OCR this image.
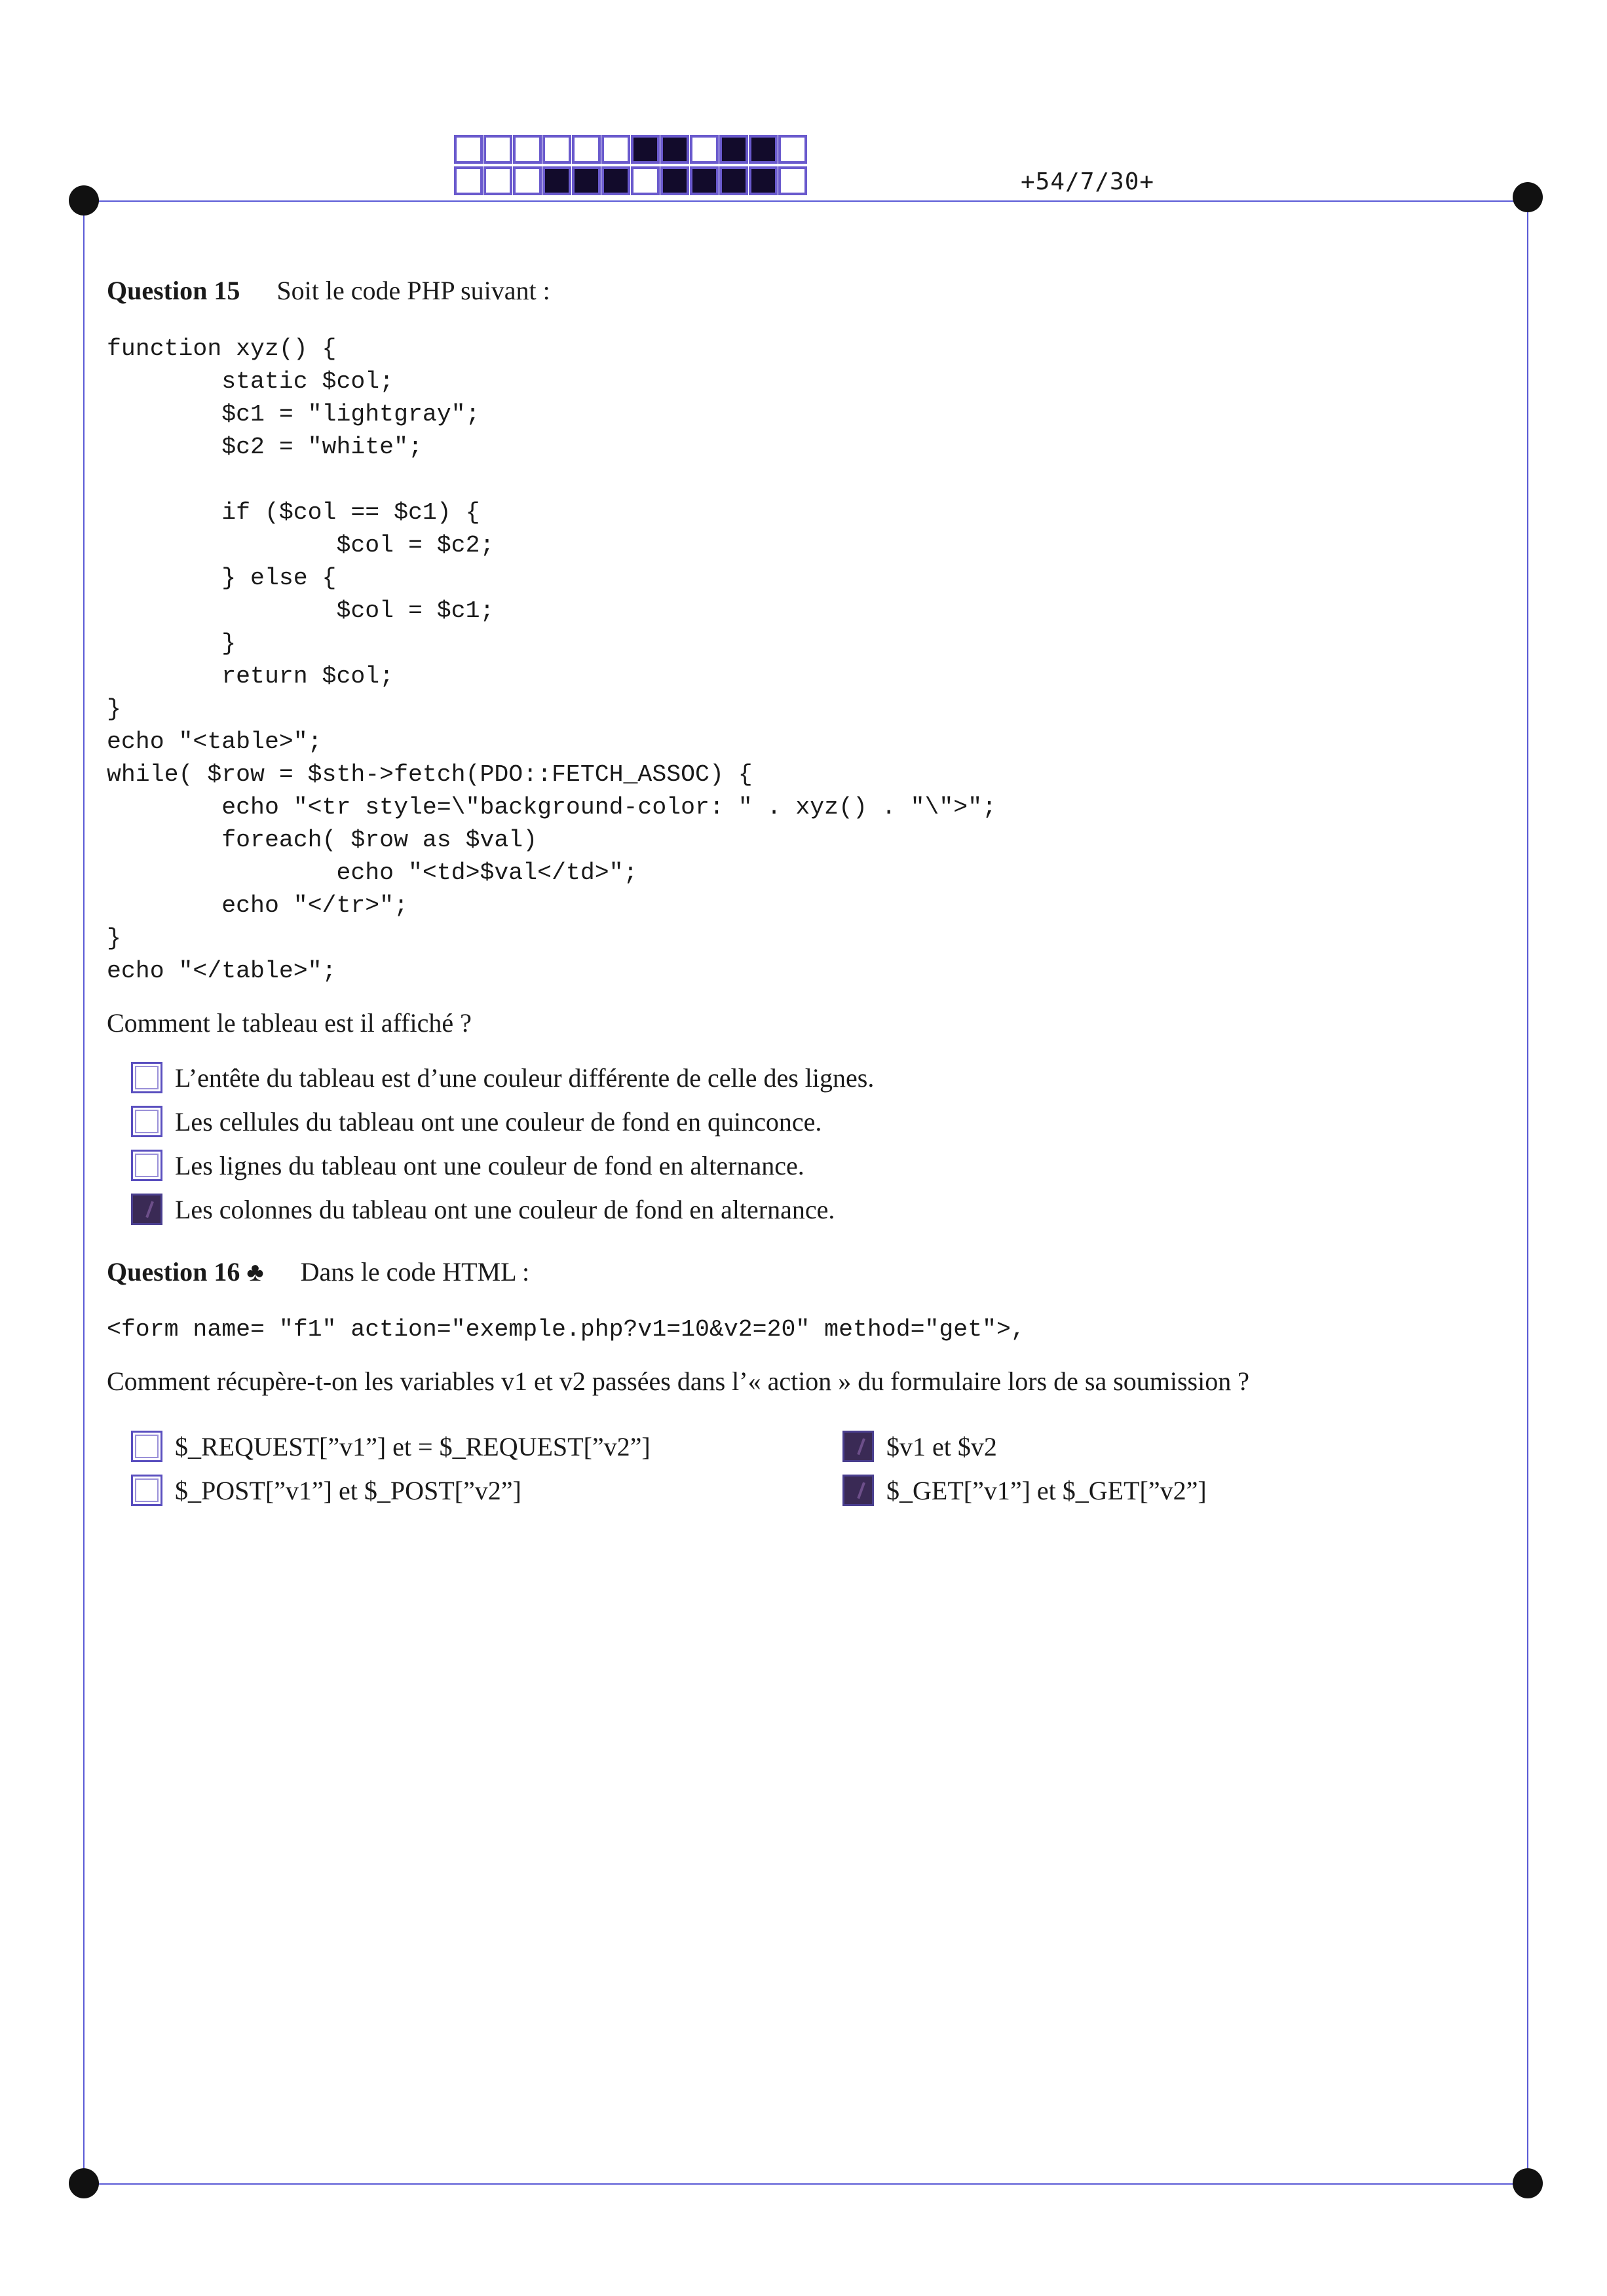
+54/7/30+
Question 15 Soit le code PHP suivant :
function xyz() {
static $col;
$c1 = "lightgray";
$c2 = "white";

if ($col == $c1) {
$col = $c2;
} else {
$col = $c1;
}
return $col;
}
echo "<table>";
while( $row = $sth->fetch(PDO::FETCH_ASSOC) {
echo "<tr style=\"background-color: " . xyz() . "\">";
foreach( $row as $val)
echo "<td>$val</td>";
echo "</tr>";
}
echo "</table>";
Comment le tableau est il affiché ?
L’entête du tableau est d’une couleur différente de celle des lignes.
Les cellules du tableau ont une couleur de fond en quinconce.
Les lignes du tableau ont une couleur de fond en alternance.
Les colonnes du tableau ont une couleur de fond en alternance.
Question 16 ♣ Dans le code HTML :
<form name= "f1" action="exemple.php?v1=10&v2=20" method="get">,
Comment récupère-t-on les variables v1 et v2 passées dans l’« action » du formulaire lors de sa soumission ?
$_REQUEST[”v1”] et = $_REQUEST[”v2”]	$v1 et $v2
$_POST[”v1”] et $_POST[”v2”]	$_GET[”v1”] et $_GET[”v2”]
